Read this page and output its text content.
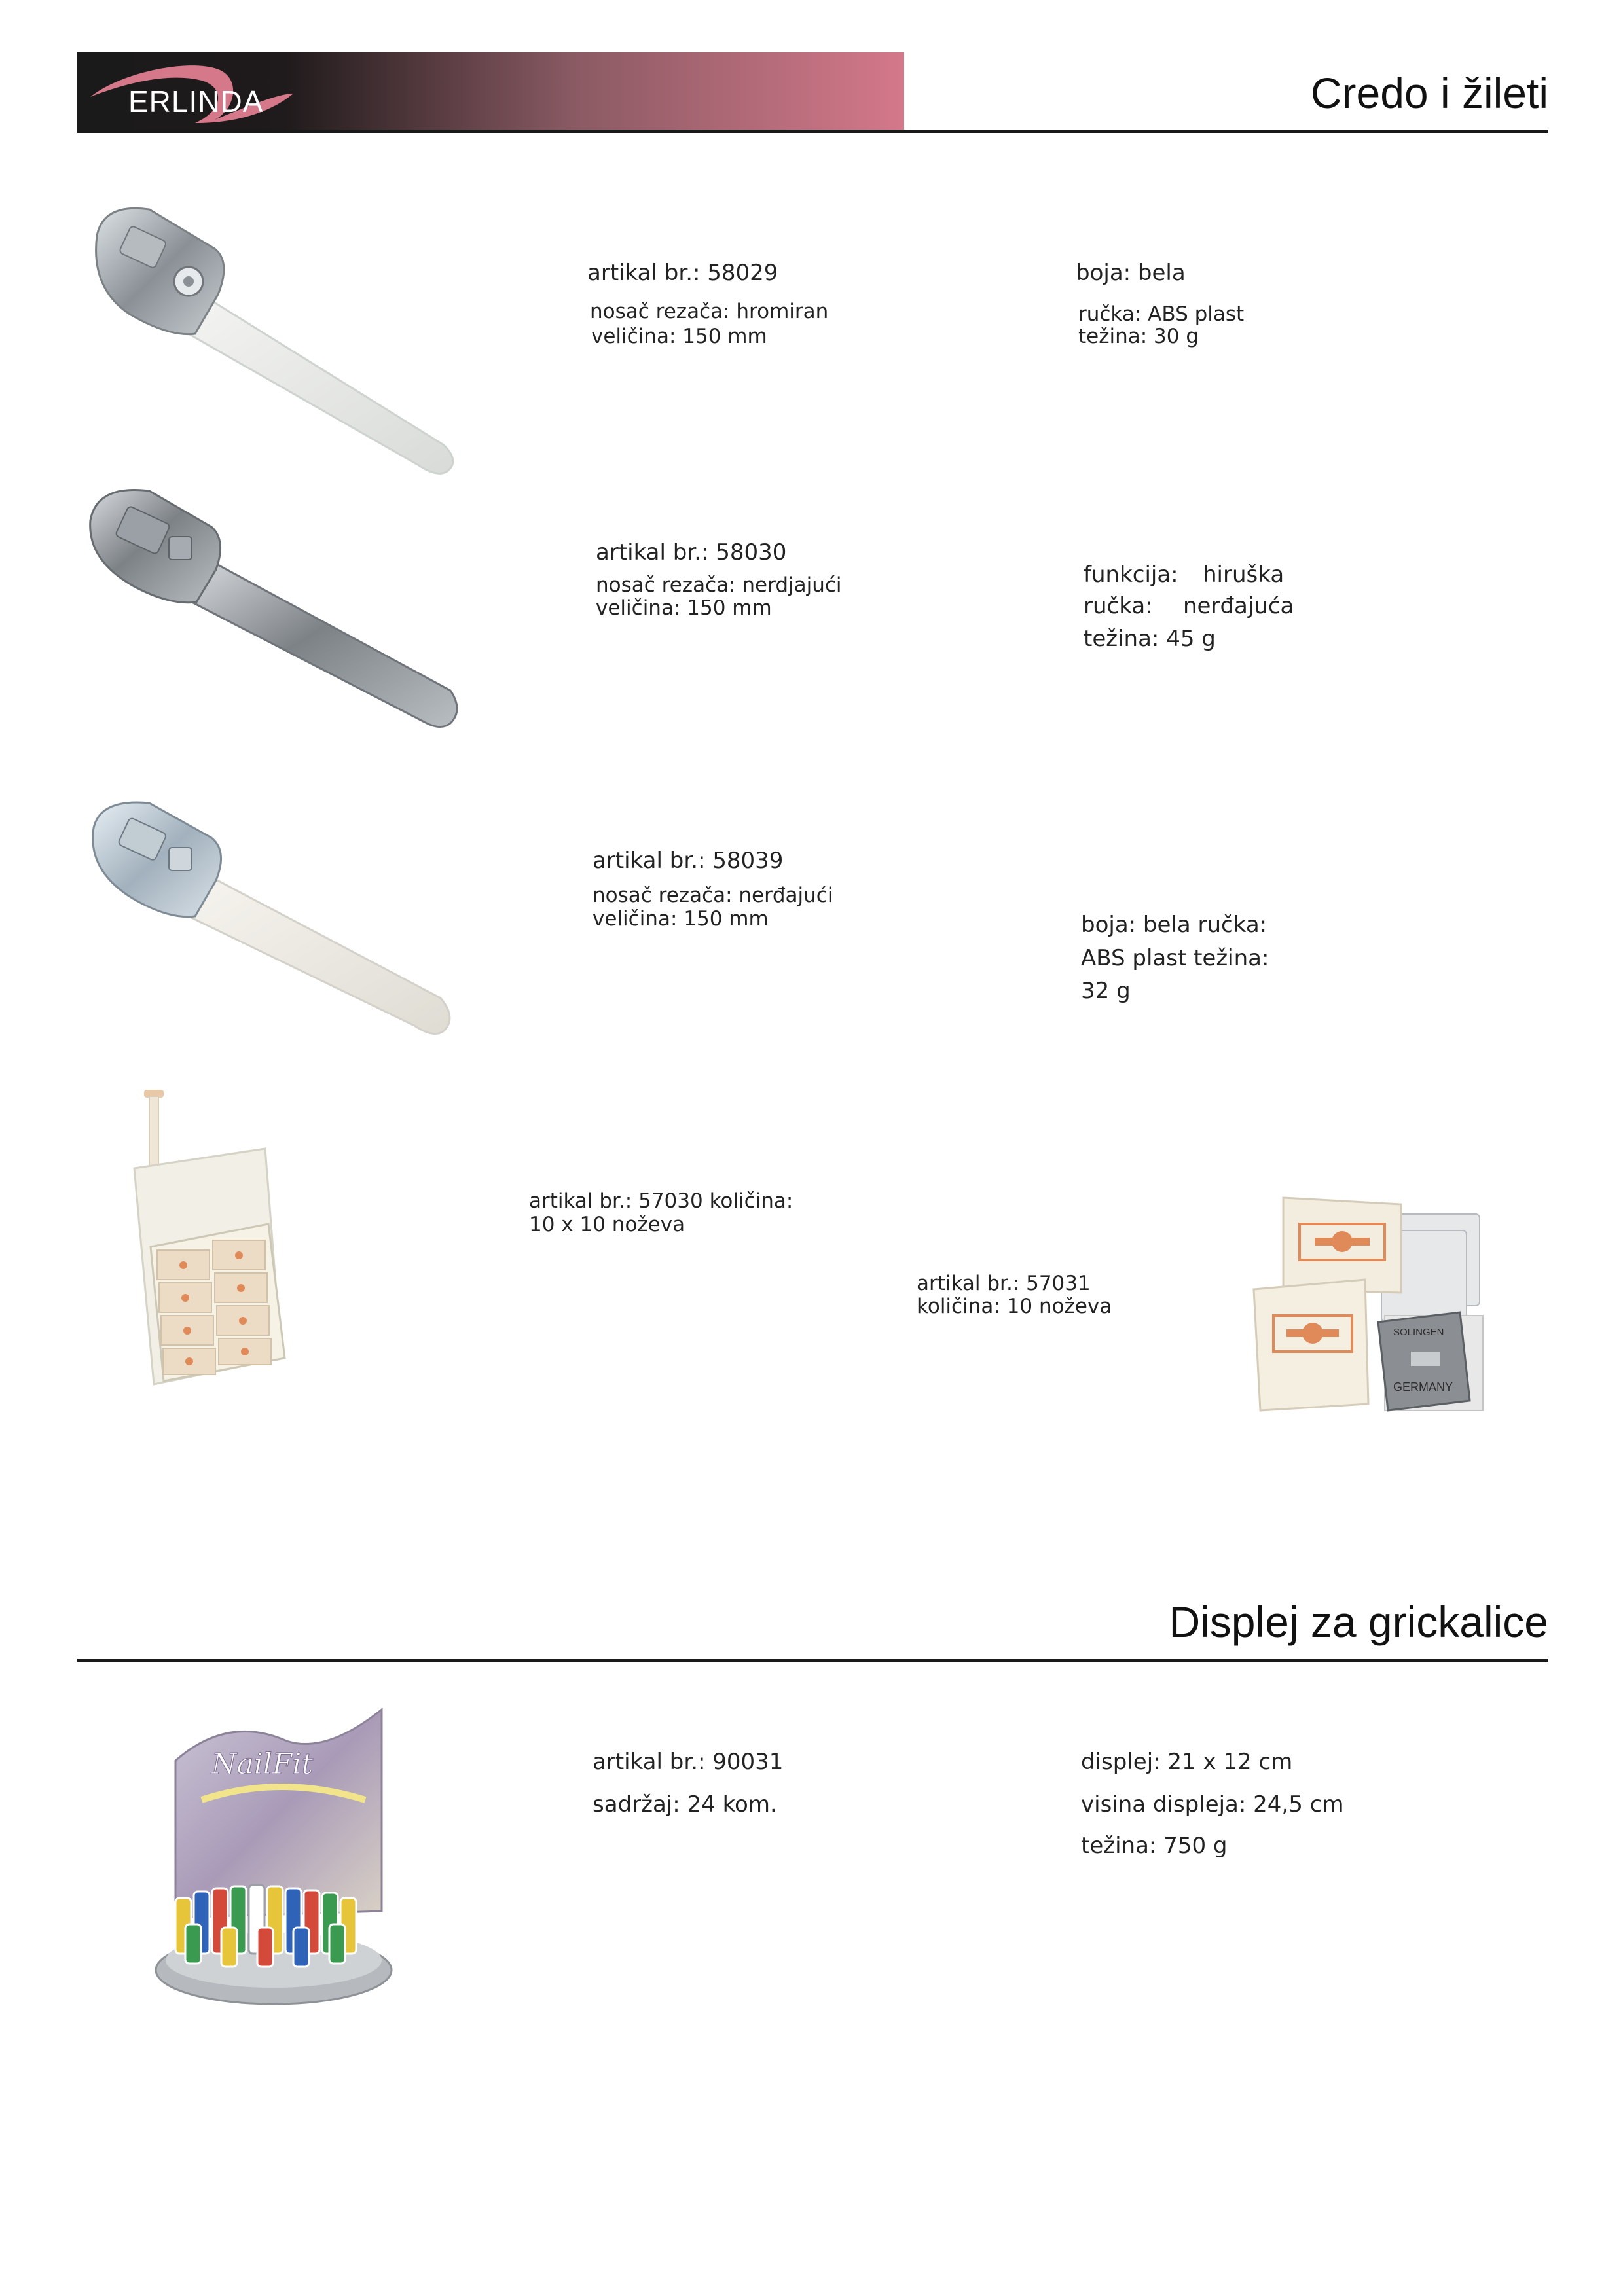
ERLINDA	Credo i žileti
artikal br.: 58029
nosač rezača: hromiran
veličina: 150 mm
boja: bela
ručka: ABS plast
težina: 30 g
artikal br.: 58030
nosač rezača: nerdjajući
veličina: 150 mm
funkcija: hiruška
ručka: nerđajuća
težina: 45 g
artikal br.: 58039
nosač rezača: nerđajući
veličina: 150 mm	boja: bela ručka:
ABS plast težina:
32 g
artikal br.: 57030 količina:
10 x 10 noževa
artikal br.: 57031
količina: 10 noževa
SOLINGEN
GERMANY
Displej za grickalice
NailFit	artikal br.: 90031
sadržaj: 24 kom.
displej: 21 x 12 cm
visina displeja: 24,5 cm
težina: 750 g
